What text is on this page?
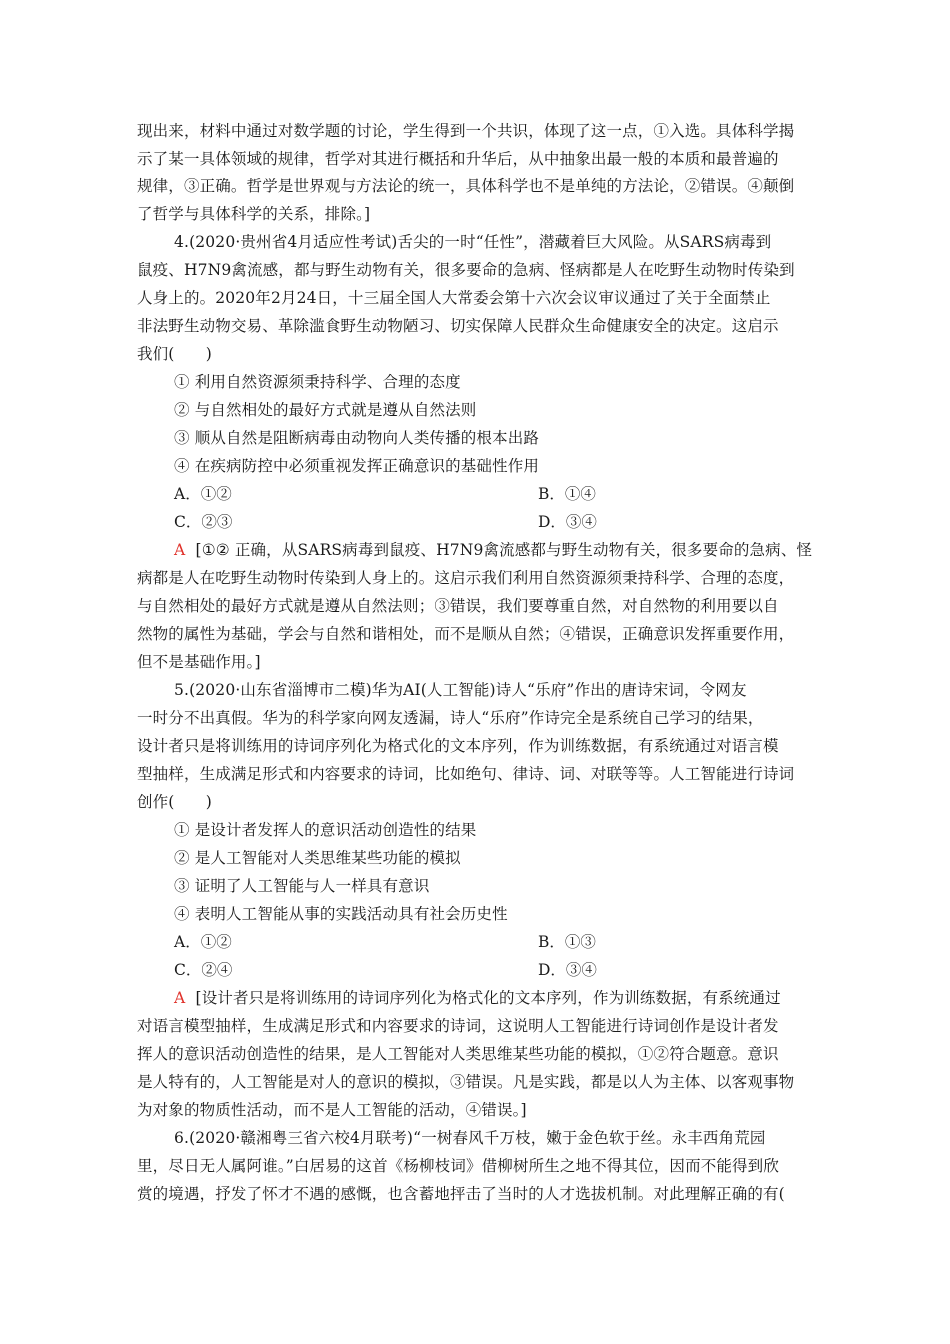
现出来，材料中通过对数学题的讨论，学生得到一个共识，体现了这一点，①入选。具体科学揭
示了某一具体领域的规律，哲学对其进行概括和升华后，从中抽象出最一般的本质和最普遍的
规律，③正确。哲学是世界观与方法论的统一，具体科学也不是单纯的方法论，②错误。④颠倒
了哲学与具体科学的关系，排除。]
4.(2020·贵州省4月适应性考试)舌尖的一时“任性”，潜藏着巨大风险。从SARS病毒到
鼠疫、H7N9禽流感，都与野生动物有关，很多要命的急病、怪病都是人在吃野生动物时传染到
人身上的。2020年2月24日，十三届全国人大常委会第十六次会议审议通过了关于全面禁止
非法野生动物交易、革除滥食野生动物陋习、切实保障人民群众生命健康安全的决定。这启示
我们(　　)
① 利用自然资源须秉持科学、合理的态度
② 与自然相处的最好方式就是遵从自然法则
③ 顺从自然是阻断病毒由动物向人类传播的根本出路
④ 在疾病防控中必须重视发挥正确意识的基础性作用
A．①②	B．①④
C．②③	D．③④
A [①② 正确，从SARS病毒到鼠疫、H7N9禽流感都与野生动物有关，很多要命的急病、怪
病都是人在吃野生动物时传染到人身上的。这启示我们利用自然资源须秉持科学、合理的态度，
与自然相处的最好方式就是遵从自然法则；③错误，我们要尊重自然，对自然物的利用要以自
然物的属性为基础，学会与自然和谐相处，而不是顺从自然；④错误，正确意识发挥重要作用，
但不是基础作用。]
5.(2020·山东省淄博市二模)华为AI(人工智能)诗人“乐府”作出的唐诗宋词，令网友
一时分不出真假。华为的科学家向网友透漏，诗人“乐府”作诗完全是系统自己学习的结果，
设计者只是将训练用的诗词序列化为格式化的文本序列，作为训练数据，有系统通过对语言模
型抽样，生成满足形式和内容要求的诗词，比如绝句、律诗、词、对联等等。人工智能进行诗词
创作(　　)
① 是设计者发挥人的意识活动创造性的结果
② 是人工智能对人类思维某些功能的模拟
③ 证明了人工智能与人一样具有意识
④ 表明人工智能从事的实践活动具有社会历史性
A．①②	B．①③
C．②④	D．③④
A [设计者只是将训练用的诗词序列化为格式化的文本序列，作为训练数据，有系统通过
对语言模型抽样，生成满足形式和内容要求的诗词，这说明人工智能进行诗词创作是设计者发
挥人的意识活动创造性的结果，是人工智能对人类思维某些功能的模拟，①②符合题意。意识
是人特有的，人工智能是对人的意识的模拟，③错误。凡是实践，都是以人为主体、以客观事物
为对象的物质性活动，而不是人工智能的活动，④错误。]
6.(2020·赣湘粤三省六校4月联考)“一树春风千万枝，嫩于金色软于丝。永丰西角荒园
里，尽日无人属阿谁。”白居易的这首《杨柳枝词》借柳树所生之地不得其位，因而不能得到欣
赏的境遇，抒发了怀才不遇的感慨，也含蓄地抨击了当时的人才选拔机制。对此理解正确的有(
